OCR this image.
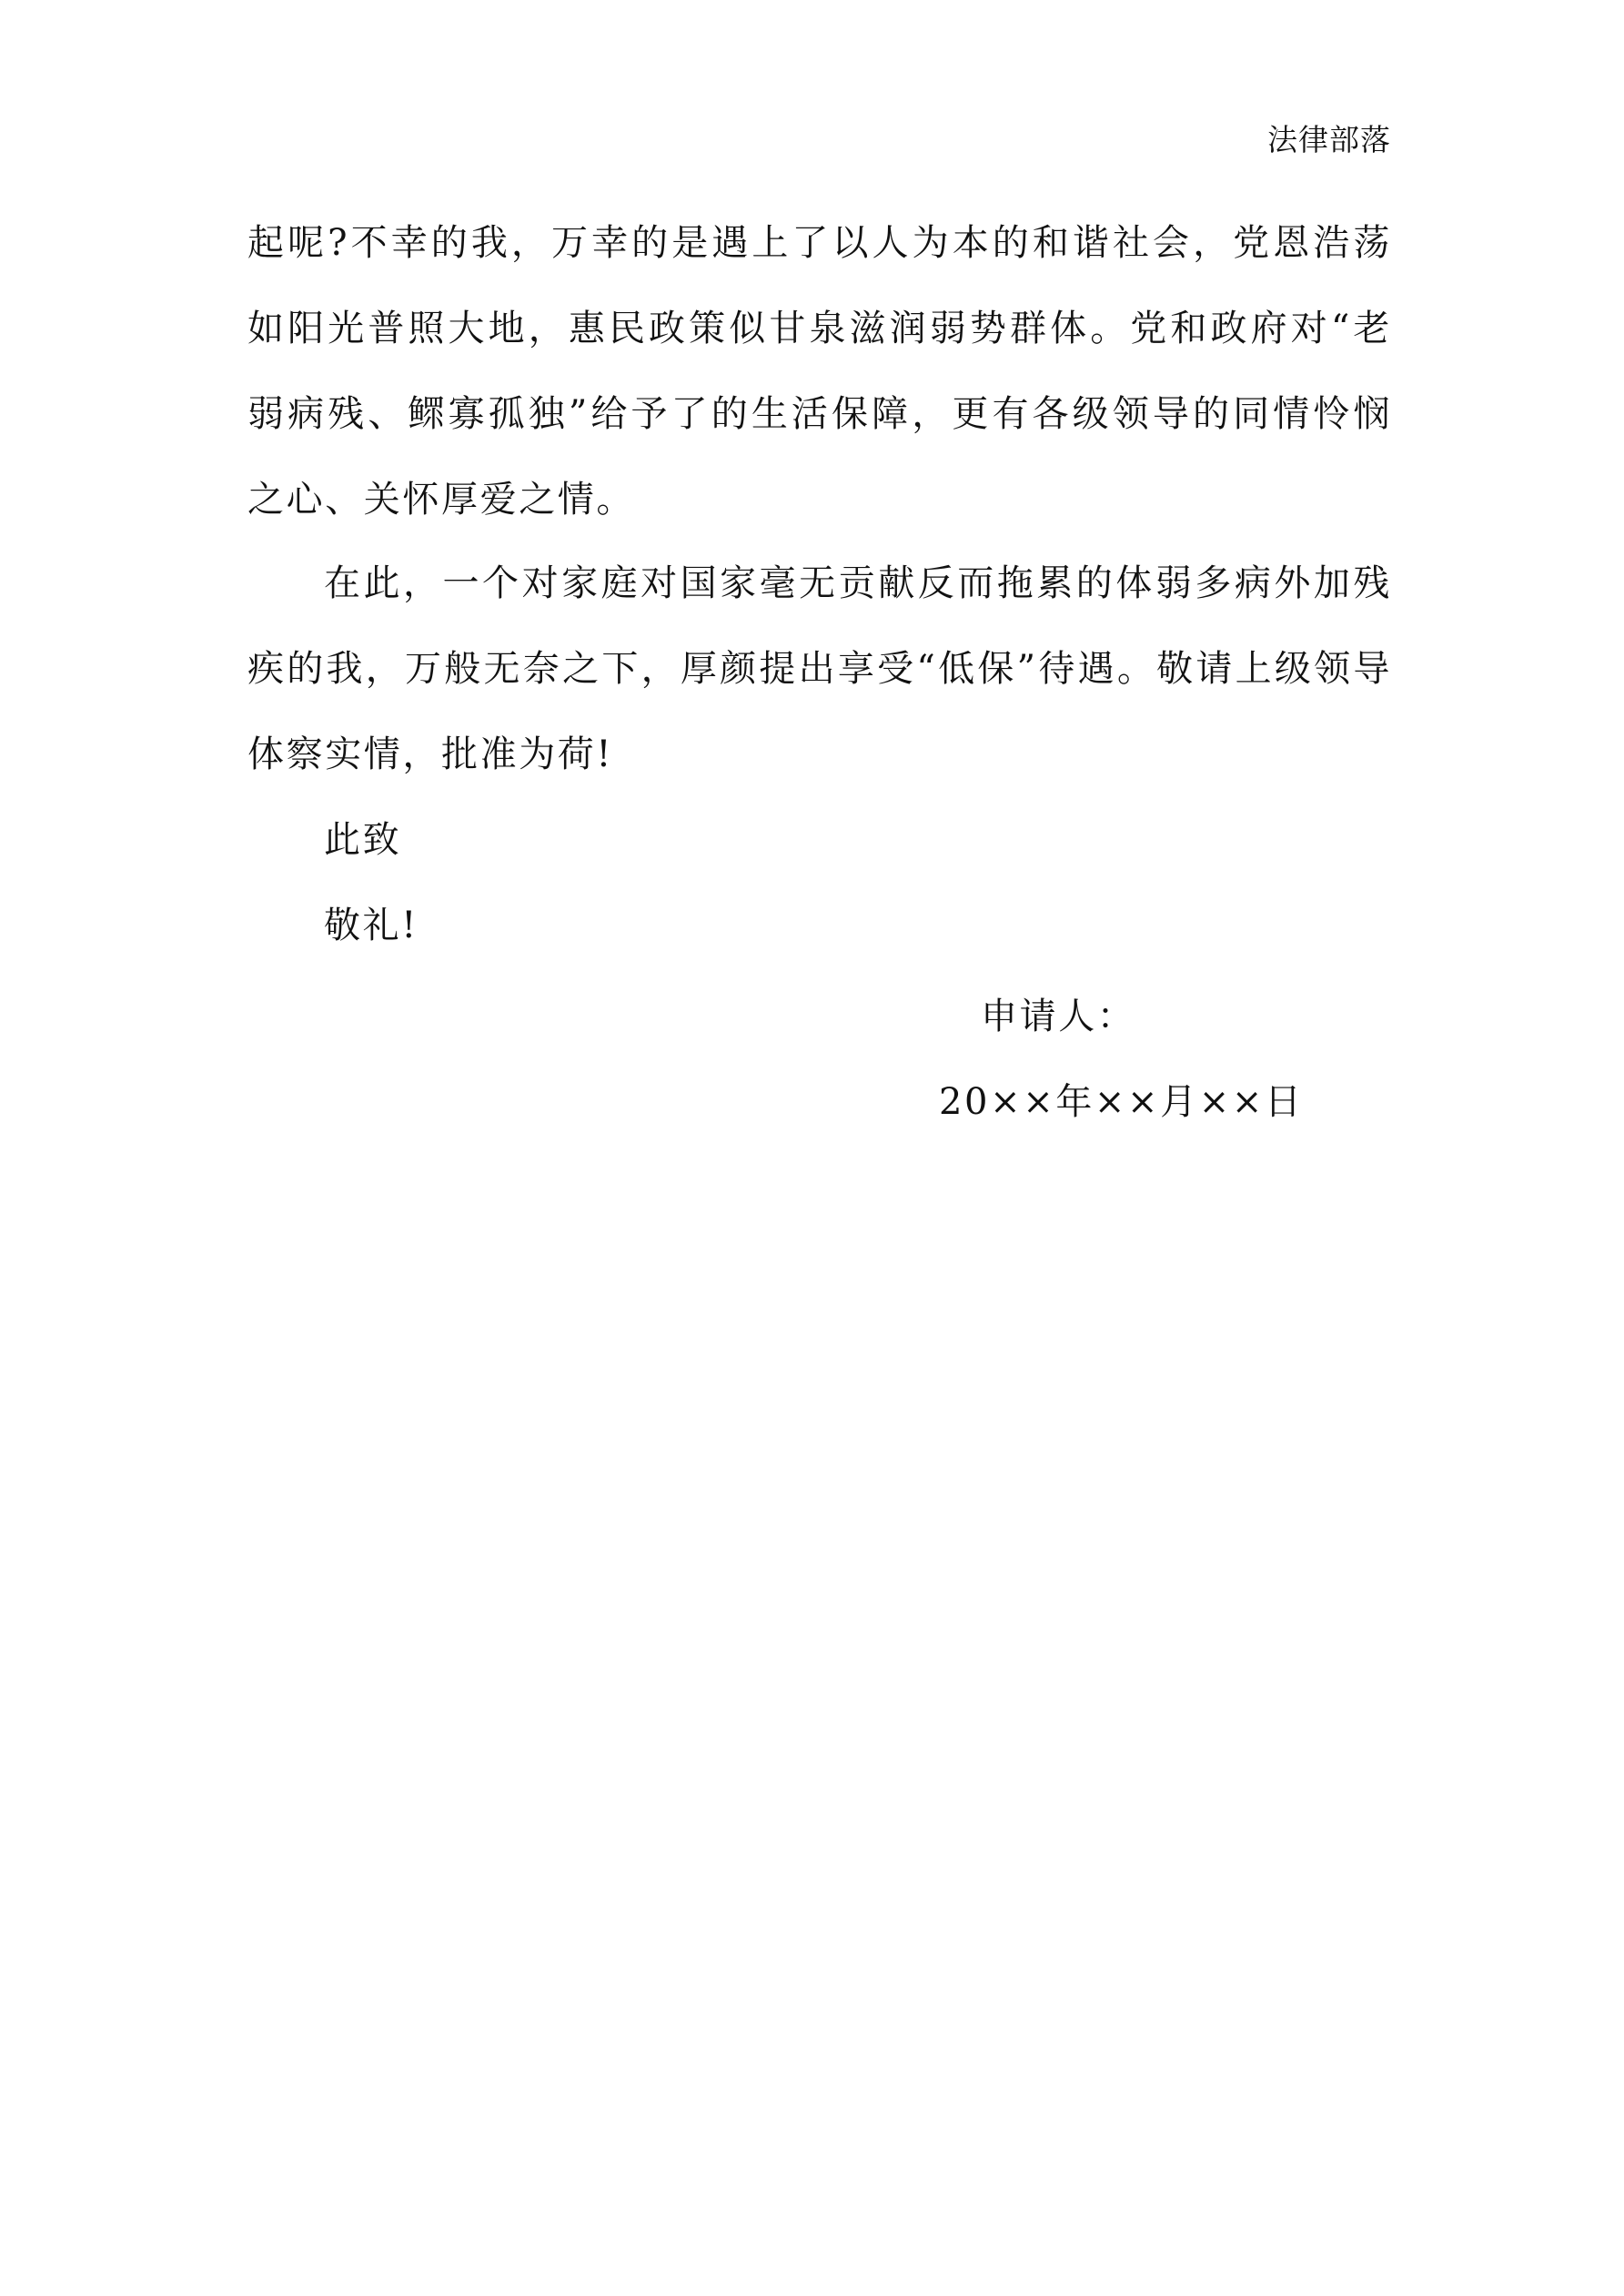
法律部落

起呢?不幸的我，万幸的是遇上了以人为本的和谐社会，党恩浩荡如阳光普照大地，惠民政策似甘泉滋润弱势群体。党和政府对“老弱病残、鳏寡孤独”给予了的生活保障，更有各级领导的同情怜悯之心、关怀厚爱之情。

在此，一个对家庭对国家毫无贡献反而拖累的体弱多病外加残疾的我，万般无奈之下，厚颜提出享受“低保”待遇。敬请上级领导体察实情，批准为荷!

此致

敬礼!

申请人：

20××年××月××日
